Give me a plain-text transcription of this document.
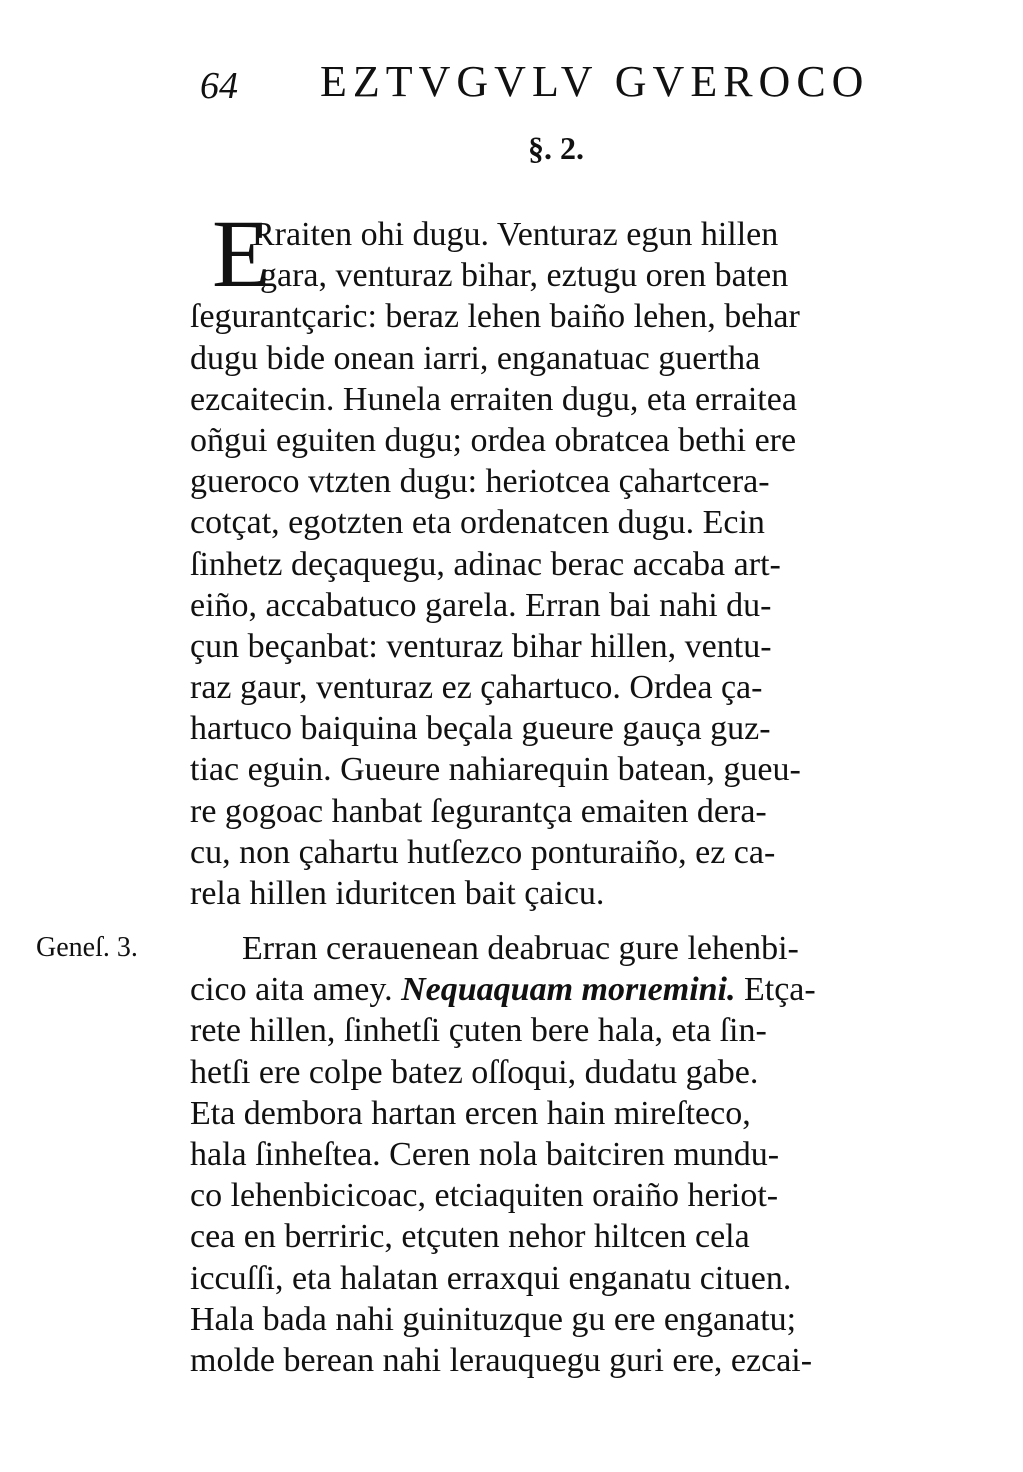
64 EZTVGVLV GVEROCO
§. 2.
Geneſ. 3.
E
Rraiten ohi dugu. Venturaz egun hillen
gara, venturaz bihar, eztugu oren baten
ſegurantçaric: beraz lehen baiño lehen, behar
dugu bide onean iarri, enganatuac guertha
ezcaitecin. Hunela erraiten dugu, eta erraitea
oñgui eguiten dugu; ordea obratcea bethi ere
gueroco vtzten dugu: heriotcea çahartcera-
cotçat, egotzten eta ordenatcen dugu. Ecin
ſinhetz deçaquegu, adinac berac accaba art-
eiño, accabatuco garela. Erran bai nahi du-
çun beçanbat: venturaz bihar hillen, ventu-
raz gaur, venturaz ez çahartuco. Ordea ça-
hartuco baiquina beçala gueure gauça guz-
tiac eguin. Gueure nahiarequin batean, gueu-
re gogoac hanbat ſegurantça emaiten dera-
cu, non çahartu hutſezco ponturaiño, ez ca-
rela hillen iduritcen bait çaicu.
Erran cerauenean deabruac gure lehenbi-
cico aita amey. Nequaquam morıemini. Etça-
rete hillen, ſinhetſi çuten bere hala, eta ſin-
hetſi ere colpe batez oſſoqui, dudatu gabe.
Eta dembora hartan ercen hain mireſteco,
hala ſinheſtea. Ceren nola baitciren mundu-
co lehenbicicoac, etciaquiten oraiño heriot-
cea en berriric, etçuten nehor hiltcen cela
iccuſſi, eta halatan erraxqui enganatu cituen.
Hala bada nahi guinituzque gu ere enganatu;
molde berean nahi lerauquegu guri ere, ezcai-
